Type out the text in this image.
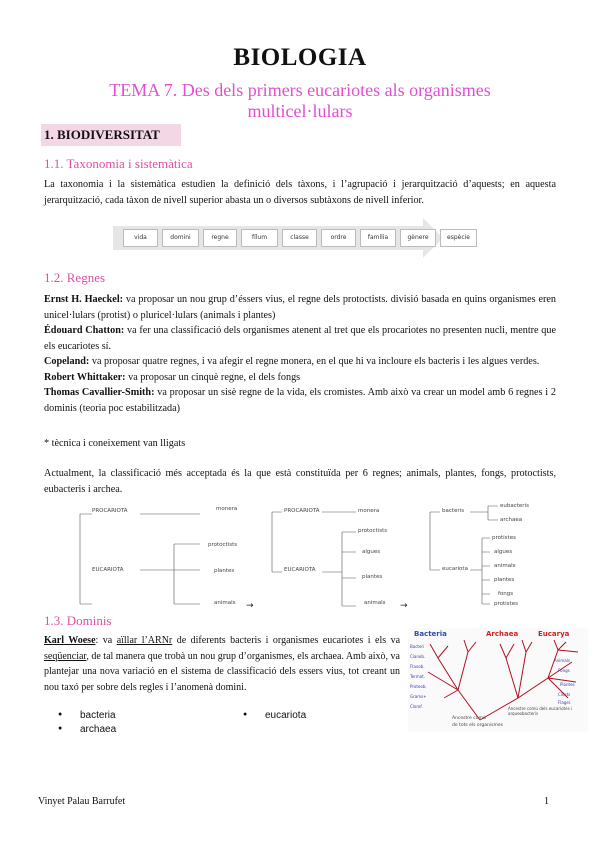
BIOLOGIA

TEMA 7. Des dels primers eucariotes als organismes multicel·lulars

1. BIODIVERSITAT

1.1. Taxonomia i sistemàtica

La taxonomia i la sistemàtica estudien la definició dels tàxons, i l’agrupació i jerarquització d’aquests; en aquesta jerarquització, cada tàxon de nivell superior abasta un o diversos subtàxons de nivell inferior.

vida	domini	regne	fílum	classe	ordre	família	gènere	espècie

1.2. Regnes

Ernst H. Haeckel: va proposar un nou grup d’éssers vius, el regne dels protoctists. divisió basada en quins organismes eren unicel·lulars (protist) o pluricel·lulars (animals i plantes)
Édouard Chatton: va fer una classificació dels organismes atenent al tret que els procariotes no presenten nucli, mentre que els eucariotes sí.
Copeland: va proposar quatre regnes, i va afegir el regne monera, en el que hi va incloure els bacteris i les algues verdes.
Robert Whittaker: va proposar un cinquè regne, el dels fongs
Thomas Cavallier-Smith: va proposar un sisè regne de la vida, els cromistes. Amb això va crear un model amb 6 regnes i 2 dominis (teoria poc estabilitzada)

* tècnica i coneixement van lligats

Actualment, la classificació més acceptada és la que està constituïda per 6 regnes; animals, plantes, fongs, protoctists, eubacteris i archea.

→	→
PROCARIOTA
EUCARIOTA
monera
protoctists
plantes
animals
PROCARIOTA
EUCARIOTA
monera
protoctists
algues
plantes
animals
bacteris
eucariota
eubacteris
archaea
protistes
algues
animals
plantes
fongs
protistes

1.3. Dominis

Karl Woese: va aïllar l’ARNr de diferents bacteris i organismes eucariotes i els va seqüenciar, de tal manera que trobà un nou grup d’organismes, els archaea. Amb això, va plantejar una nova variació en el sistema de classificació dels essers vius, tot creant un nou taxó per sobre dels regles i l’anomenà domini.

● bacteria
● archaea
● eucariota
Bacteri
Cianob.
Flavob.
Termot.
Proteob.
Grams+
Clorof.
Animals
Fongs
Plantes
Ciliats
Flagel.
Bacteria	Archaea	Eucarya
Ancestre comú
Ancestre comú dels eucariotes i arqueobacteris
de tots els organismes
Vinyet Palau Barrufet	1
